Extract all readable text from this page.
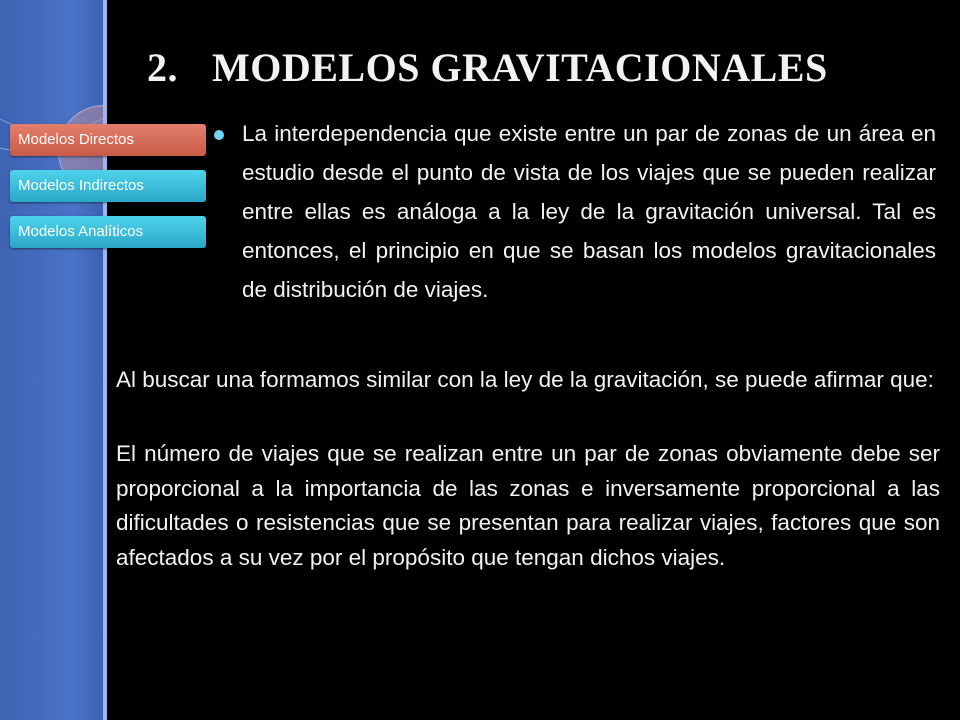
2. MODELOS GRAVITACIONALES
Modelos Directos
Modelos Indirectos
Modelos Analíticos

La interdependencia que existe entre un par de zonas de un área en estudio desde el punto de vista de los viajes que se pueden realizar entre ellas es análoga a la ley de la gravitación universal. Tal es entonces, el principio en que se basan los modelos gravitacionales de distribución de viajes.

Al buscar una formamos similar con la ley de la gravitación, se puede afirmar que:

El número de viajes que se realizan entre un par de zonas obviamente debe ser proporcional a la importancia de las zonas e inversamente proporcional a las dificultades o resistencias que se presentan para realizar viajes, factores que son afectados a su vez por el propósito que tengan dichos viajes.
